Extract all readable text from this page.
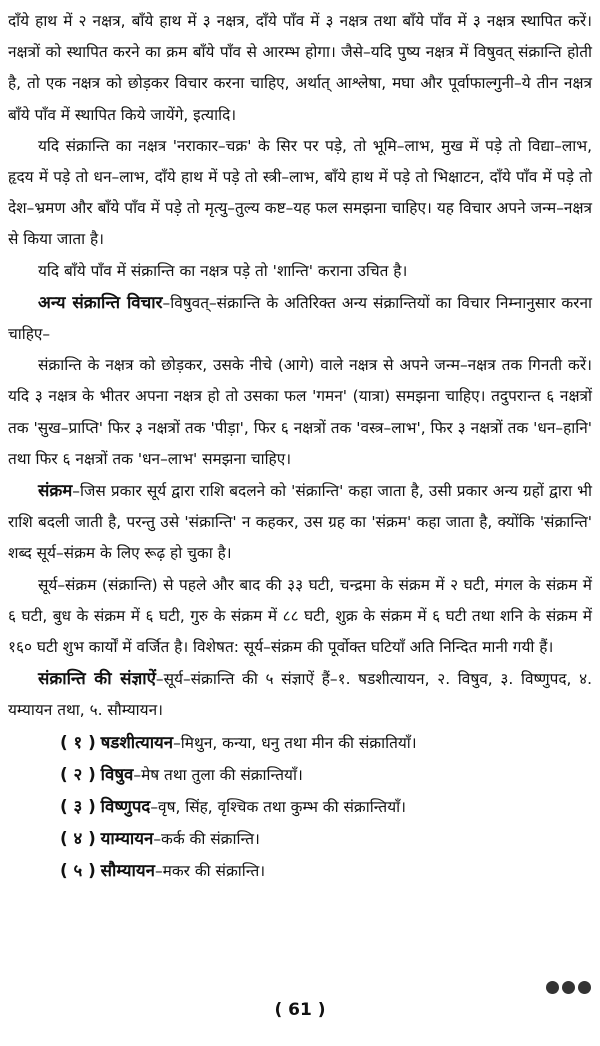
दाँये हाथ में २ नक्षत्र, बाँये हाथ में ३ नक्षत्र, दाँये पाँव में ३ नक्षत्र तथा बाँये पाँव में ३ नक्षत्र स्थापित करें। नक्षत्रों को स्थापित करने का क्रम बाँये पाँव से आरम्भ होगा। जैसे–यदि पुष्य नक्षत्र में विषुवत् संक्रान्ति होती है, तो एक नक्षत्र को छोड़कर विचार करना चाहिए, अर्थात् आश्लेषा, मघा और पूर्वाफाल्गुनी–ये तीन नक्षत्र बाँये पाँव में स्थापित किये जायेंगे, इत्यादि।

यदि संक्रान्ति का नक्षत्र 'नराकार–चक्र' के सिर पर पड़े, तो भूमि–लाभ, मुख में पड़े तो विद्या–लाभ, हृदय में पड़े तो धन–लाभ, दाँये हाथ में पड़े तो स्त्री–लाभ, बाँये हाथ में पड़े तो भिक्षाटन, दाँये पाँव में पड़े तो देश–भ्रमण और बाँये पाँव में पड़े तो मृत्यु–तुल्य कष्ट–यह फल समझना चाहिए। यह विचार अपने जन्म–नक्षत्र से किया जाता है।

यदि बाँये पाँव में संक्रान्ति का नक्षत्र पड़े तो 'शान्ति' कराना उचित है।

अन्य संक्रान्ति विचार–विषुवत्–संक्रान्ति के अतिरिक्त अन्य संक्रान्तियों का विचार निम्नानुसार करना चाहिए–

संक्रान्ति के नक्षत्र को छोड़कर, उसके नीचे (आगे) वाले नक्षत्र से अपने जन्म–नक्षत्र तक गिनती करें। यदि ३ नक्षत्र के भीतर अपना नक्षत्र हो तो उसका फल 'गमन' (यात्रा) समझना चाहिए। तदुपरान्त ६ नक्षत्रों तक 'सुख–प्राप्ति' फिर ३ नक्षत्रों तक 'पीड़ा', फिर ६ नक्षत्रों तक 'वस्त्र–लाभ', फिर ३ नक्षत्रों तक 'धन–हानि' तथा फिर ६ नक्षत्रों तक 'धन–लाभ' समझना चाहिए।

संक्रम–जिस प्रकार सूर्य द्वारा राशि बदलने को 'संक्रान्ति' कहा जाता है, उसी प्रकार अन्य ग्रहों द्वारा भी राशि बदली जाती है, परन्तु उसे 'संक्रान्ति' न कहकर, उस ग्रह का 'संक्रम' कहा जाता है, क्योंकि 'संक्रान्ति' शब्द सूर्य–संक्रम के लिए रूढ़ हो चुका है।

सूर्य–संक्रम (संक्रान्ति) से पहले और बाद की ३३ घटी, चन्द्रमा के संक्रम में २ घटी, मंगल के संक्रम में ६ घटी, बुध के संक्रम में ६ घटी, गुरु के संक्रम में ८८ घटी, शुक्र के संक्रम में ६ घटी तथा शनि के संक्रम में १६० घटी शुभ कार्यों में वर्जित है। विशेषत: सूर्य–संक्रम की पूर्वोक्त घटियाँ अति निन्दित मानी गयी हैं।

संक्रान्ति की संज्ञाऐं–सूर्य–संक्रान्ति की ५ संज्ञाऐं हैं–१. षडशीत्यायन, २. विषुव, ३. विष्णुपद, ४. यम्यायन तथा, ५. सौम्यायन।

( १ ) षडशीत्यायन–मिथुन, कन्या, धनु तथा मीन की संक्रातियाँ।
( २ ) विषुव–मेष तथा तुला की संक्रान्तियाँ।
( ३ ) विष्णुपद–वृष, सिंह, वृश्चिक तथा कुम्भ की संक्रान्तियाँ।
( ४ ) याम्यायन–कर्क की संक्रान्ति।
( ५ ) सौम्यायन–मकर की संक्रान्ति।
( 61 )
